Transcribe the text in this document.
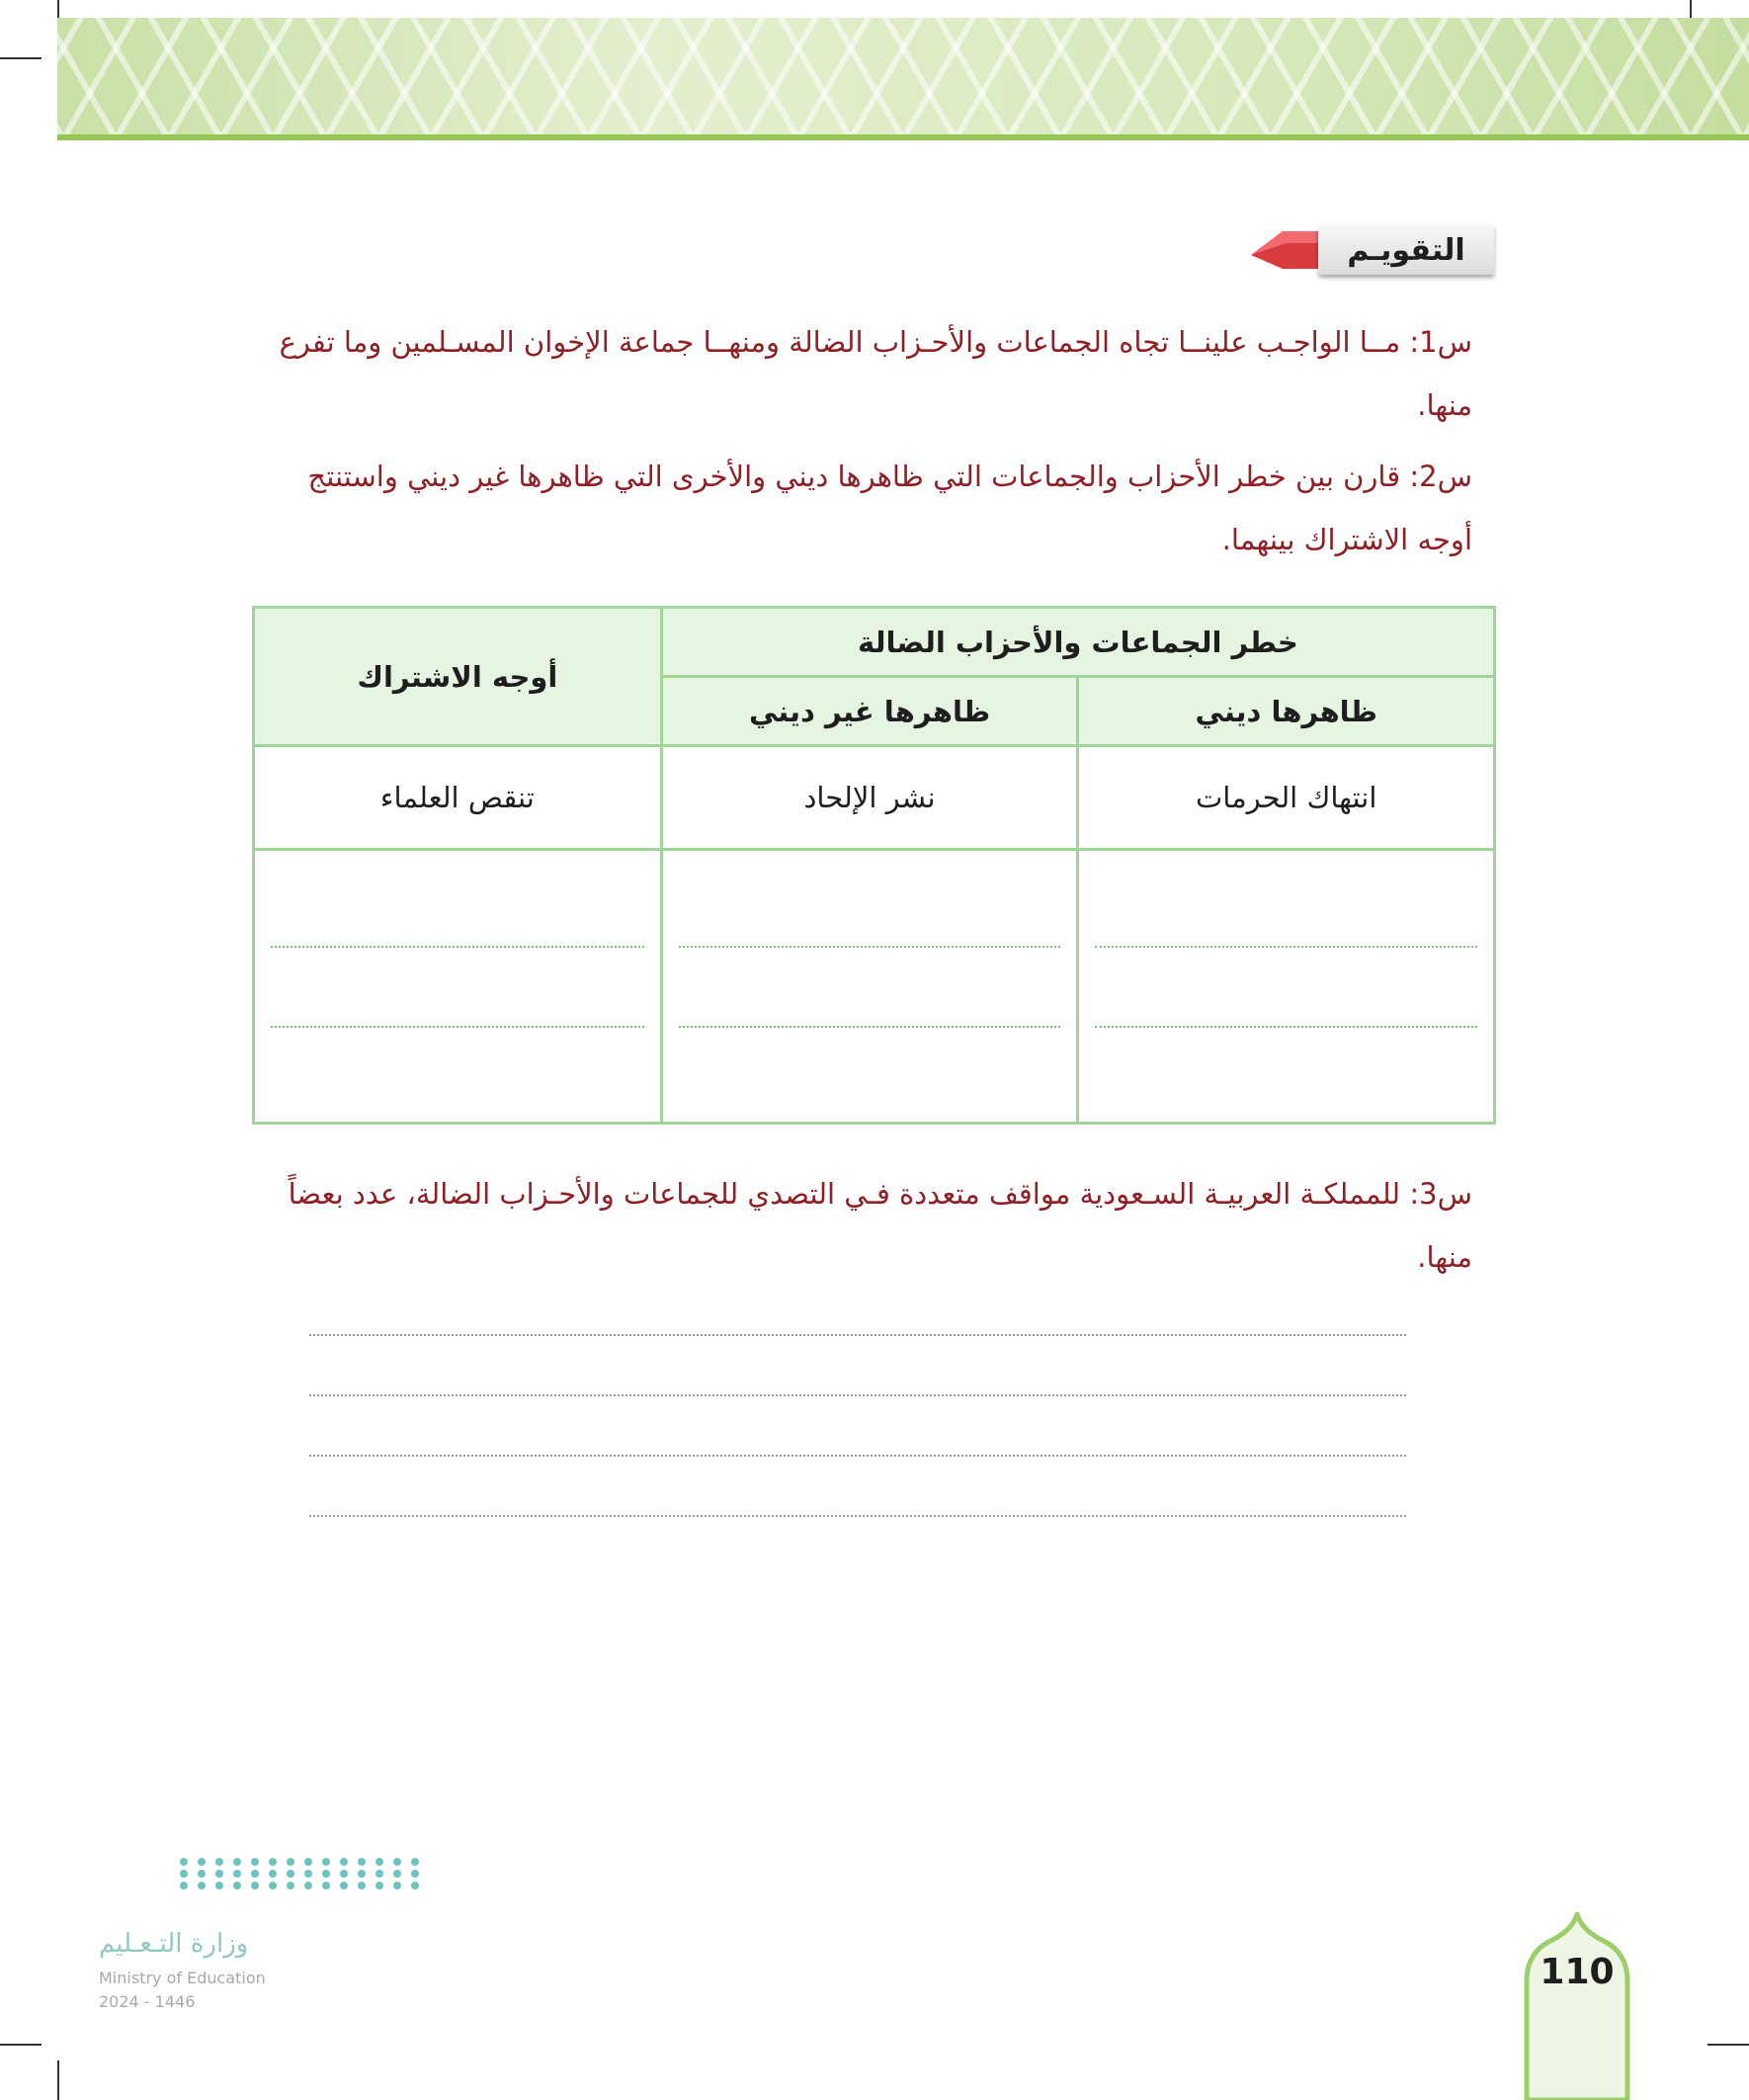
التقويـم
س1: مــا الواجـب علينــا تجاه الجماعات والأحـزاب الضالة ومنهــا جماعة الإخوان المسـلمين وما تفرع منها.
س2: قارن بين خطر الأحزاب والجماعات التي ظاهرها ديني والأخرى التي ظاهرها غير ديني واستنتج أوجه الاشتراك بينهما.
خطر الجماعات والأحزاب الضالة		أوجه الاشتراك
ظاهرها ديني	ظاهرها غير ديني	
انتهاك الحرمات	نشر الإلحاد	تنقص العلماء

س3: للمملكـة العربيـة السـعودية مواقف متعددة فـي التصدي للجماعات والأحـزاب الضالة، عدد بعضاً منها.
وزارة التـعـليم
Ministry of Education
2024 - 1446
110
